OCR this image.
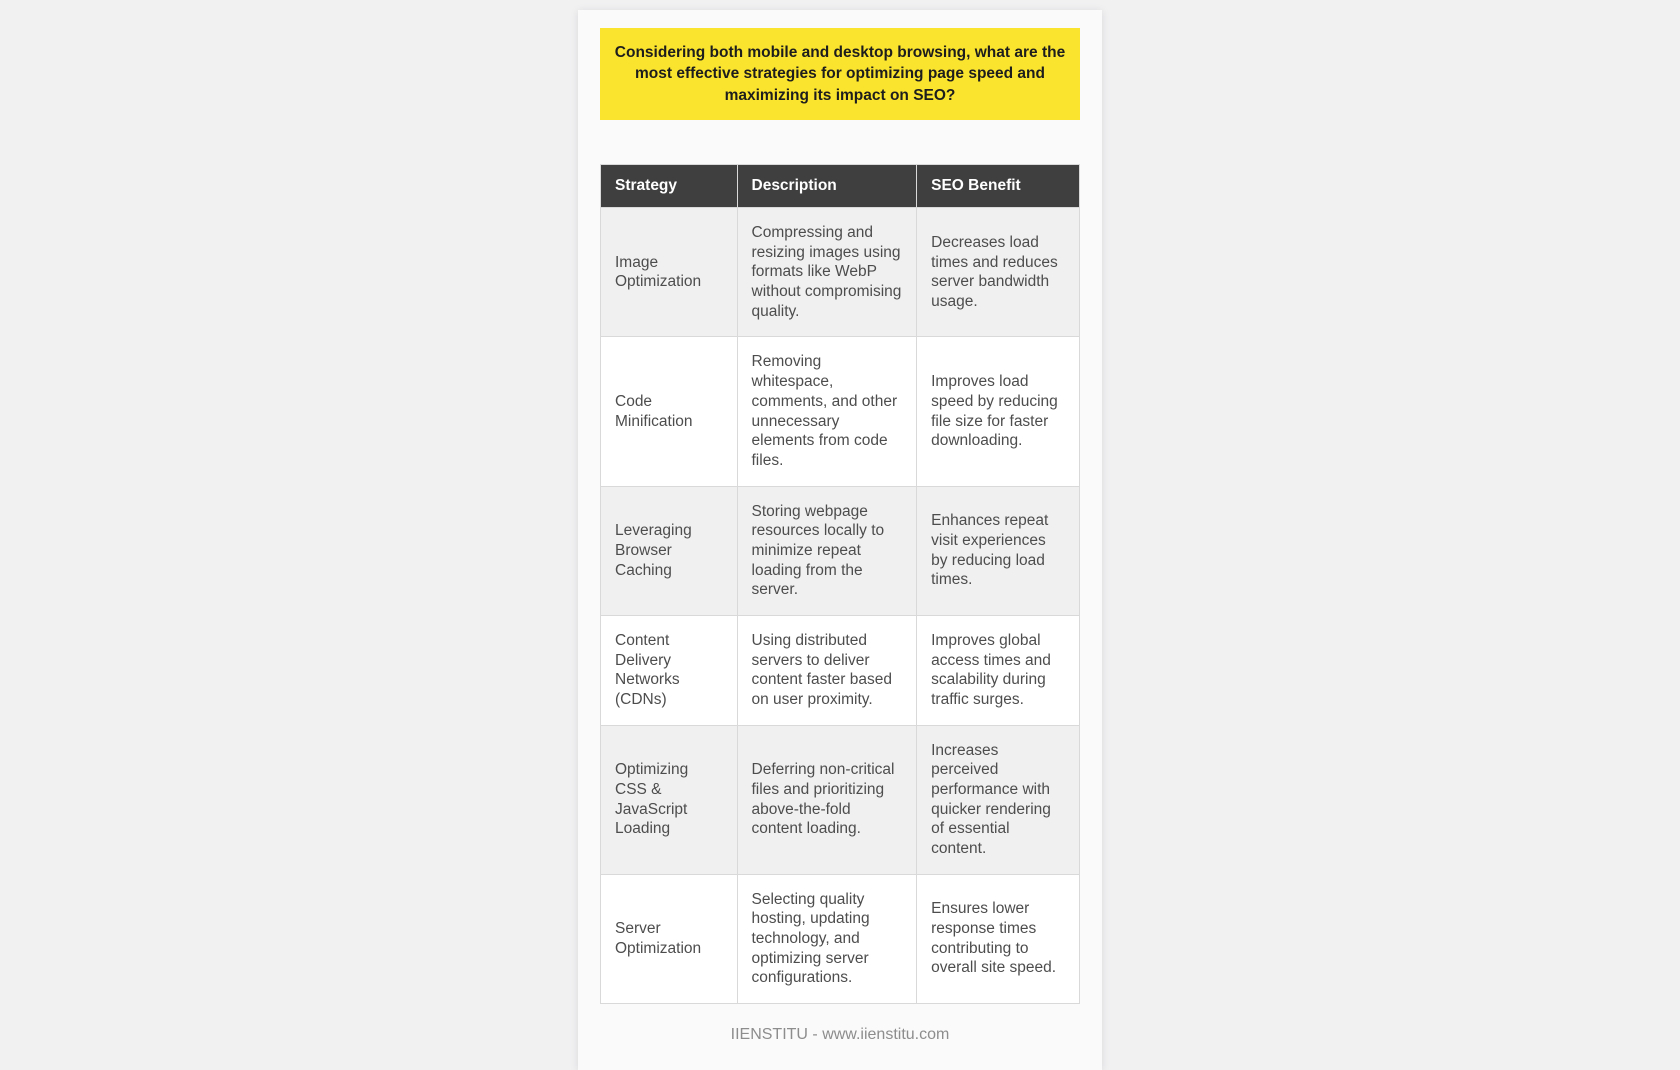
Considering both mobile and desktop browsing, what are the most effective strategies for optimizing page speed and maximizing its impact on SEO?
Strategy	Description	SEO Benefit
Image Optimization	Compressing and resizing images using formats like WebP without compromising quality.	Decreases load times and reduces server bandwidth usage.
Code Minification	Removing whitespace, comments, and other unnecessary elements from code files.	Improves load speed by reducing file size for faster downloading.
Leveraging Browser Caching	Storing webpage resources locally to minimize repeat loading from the server.	Enhances repeat visit experiences by reducing load times.
Content Delivery Networks (CDNs)	Using distributed servers to deliver content faster based on user proximity.	Improves global access times and scalability during traffic surges.
Optimizing CSS & JavaScript Loading	Deferring non-critical files and prioritizing above-the-fold content loading.	Increases perceived performance with quicker rendering of essential content.
Server Optimization	Selecting quality hosting, updating technology, and optimizing server configurations.	Ensures lower response times contributing to overall site speed.
IIENSTITU - www.iienstitu.com
